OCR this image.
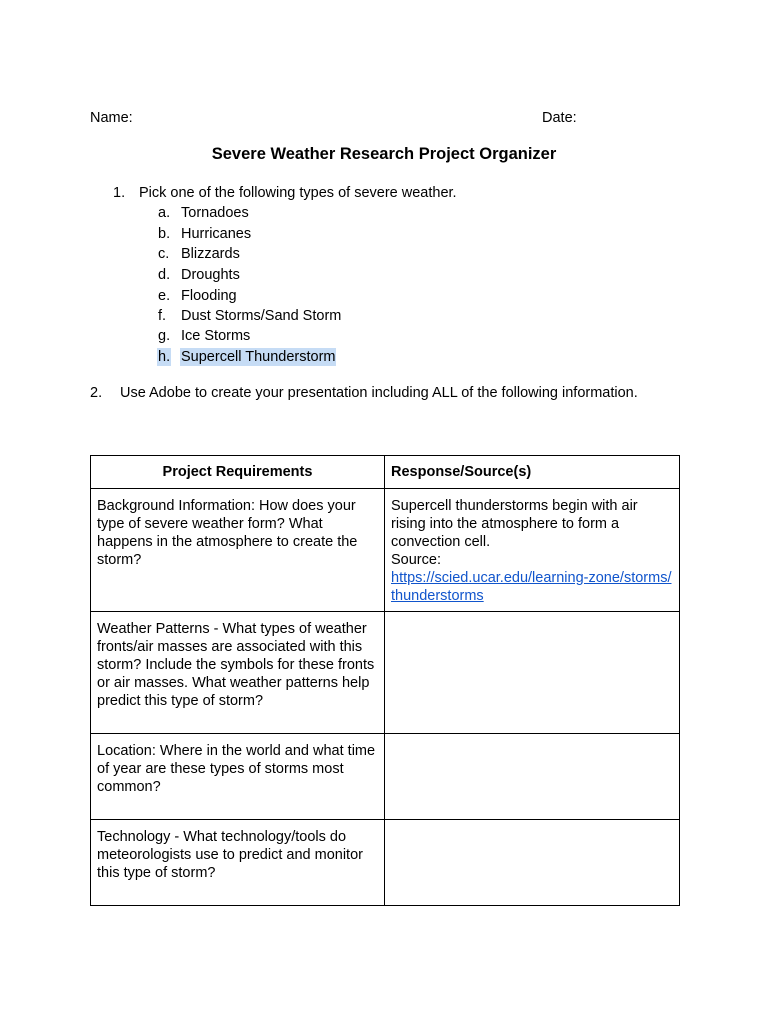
Name:	Date:
Severe Weather Research Project Organizer
1. Pick one of the following types of severe weather.
a. Tornadoes
b. Hurricanes
c. Blizzards
d. Droughts
e. Flooding
f. Dust Storms/Sand Storm
g. Ice Storms
h. Supercell Thunderstorm
2. Use Adobe to create your presentation including ALL of the following information.
Project Requirements	Response/Source(s)
Background Information: How does your type of severe weather form? What happens in the atmosphere to create the storm?	Supercell thunderstorms begin with air rising into the atmosphere to form a convection cell.
Source:
https://scied.ucar.edu/learning-zone/storms/thunderstorms
Weather Patterns - What types of weather fronts/air masses are associated with this storm? Include the symbols for these fronts or air masses. What weather patterns help predict this type of storm?	
Location: Where in the world and what time of year are these types of storms most common?	
Technology - What technology/tools do meteorologists use to predict and monitor this type of storm?	
